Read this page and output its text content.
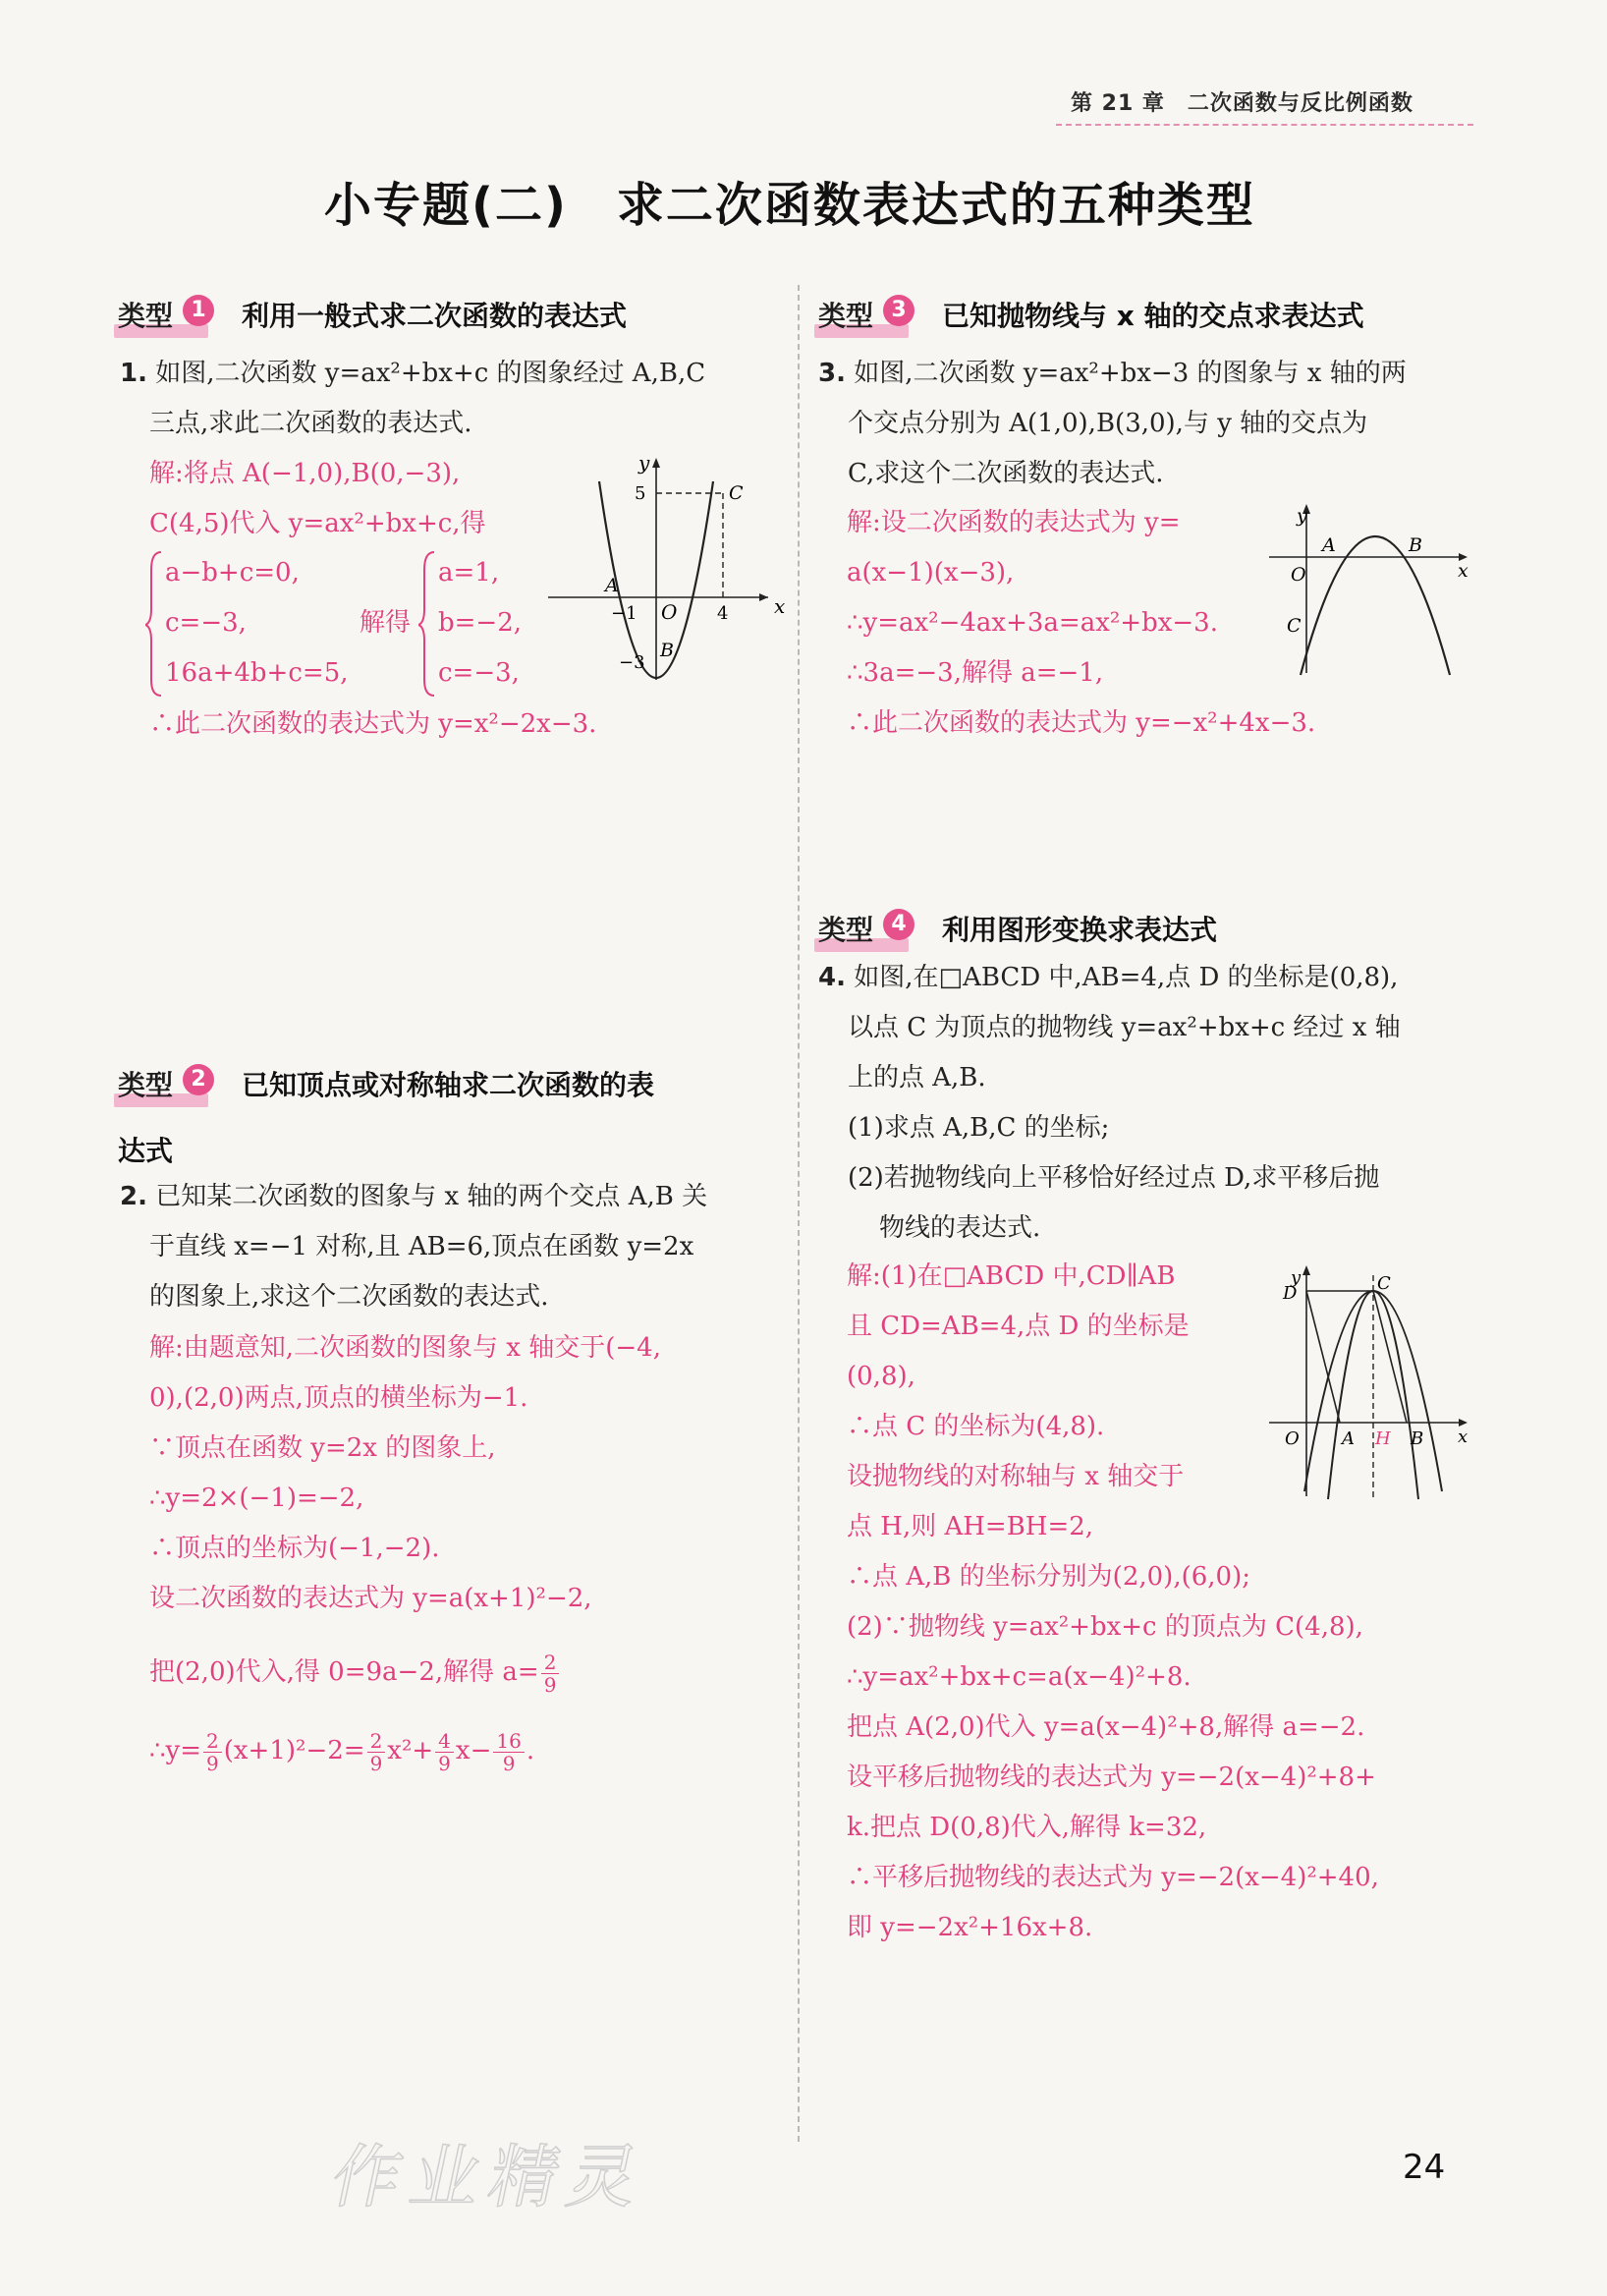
第 21 章　二次函数与反比例函数
小专题(二)　求二次函数表达式的五种类型
类型 1 利用一般式求二次函数的表达式
1. 如图,二次函数 y=ax²+bx+c 的图象经过 A,B,C
三点,求此二次函数的表达式.
解:将点 A(−1,0),B(0,−3),
C(4,5)代入 y=ax²+bx+c,得
a−b+c=0,
c=−3,
16a+4b+c=5,
解得
a=1,
b=−2,
c=−3,
∴此二次函数的表达式为 y=x²−2x−3.
y
x
O
5
−1	4
−3
A
B
C
类型 2 已知顶点或对称轴求二次函数的表
达式
2. 已知某二次函数的图象与 x 轴的两个交点 A,B 关
于直线 x=−1 对称,且 AB=6,顶点在函数 y=2x
的图象上,求这个二次函数的表达式.
解:由题意知,二次函数的图象与 x 轴交于(−4,
0),(2,0)两点,顶点的横坐标为−1.
∵顶点在函数 y=2x 的图象上,
∴y=2×(−1)=−2,
∴顶点的坐标为(−1,−2).
设二次函数的表达式为 y=a(x+1)²−2,
把(2,0)代入,得 0=9a−2,解得 $a= \frac{2}{9}$
∴y= $\frac{2}{9} (x+1)^2-2= \frac{2}{9} x^2+ \frac{4}{9} x- \frac{16}{9}$ .
类型 3 已知抛物线与 x 轴的交点求表达式
3. 如图,二次函数 y=ax²+bx−3 的图象与 x 轴的两
个交点分别为 A(1,0),B(3,0),与 y 轴的交点为
C,求这个二次函数的表达式.
解:设二次函数的表达式为 y=
a(x−1)(x−3),
∴y=ax²−4ax+3a=ax²+bx−3.
∴3a=−3,解得 a=−1,
∴此二次函数的表达式为 y=−x²+4x−3.
y
x
O
A	B
C
类型 4 利用图形变换求表达式
4. 如图,在□ABCD 中,AB=4,点 D 的坐标是(0,8),
以点 C 为顶点的抛物线 y=ax²+bx+c 经过 x 轴
上的点 A,B.
(1)求点 A,B,C 的坐标;
(2)若抛物线向上平移恰好经过点 D,求平移后抛
物线的表达式.
解:(1)在□ABCD 中,CD∥AB
且 CD=AB=4,点 D 的坐标是
(0,8),
∴点 C 的坐标为(4,8).
设抛物线的对称轴与 x 轴交于
点 H,则 AH=BH=2,
∴点 A,B 的坐标分别为(2,0),(6,0);
(2)∵抛物线 y=ax²+bx+c 的顶点为 C(4,8),
∴y=ax²+bx+c=a(x−4)²+8.
把点 A(2,0)代入 y=a(x−4)²+8,解得 a=−2.
设平移后抛物线的表达式为 y=−2(x−4)²+8+
k.把点 D(0,8)代入,解得 k=32,
∴平移后抛物线的表达式为 y=−2(x−4)²+40,
即 y=−2x²+16x+8.
y
x
O
D	C
A H B
作业精灵	24
